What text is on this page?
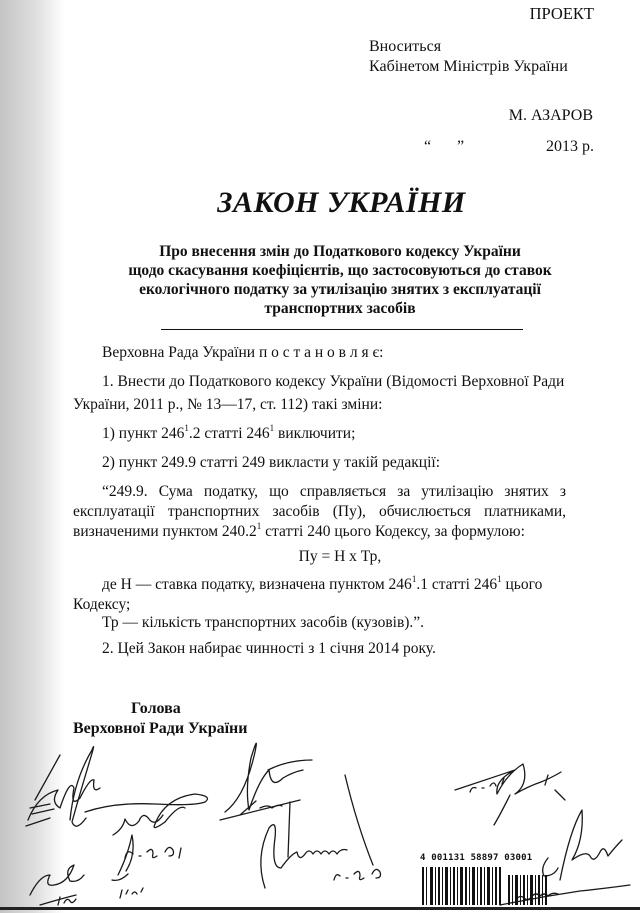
ПРОЕКТ
Вноситься
Кабінетом Міністрів України
М. АЗАРОВ
“ ”	2013 р.
ЗАКОН УКРАЇНИ
Про внесення змін до Податкового кодексу України
щодо скасування коефіцієнтів, що застосовуються до ставок
екологічного податку за утилізацію знятих з експлуатації
транспортних засобів
Верховна Рада України п о с т а н о в л я є:
1. Внести до Податкового кодексу України (Відомості Верховної Ради
України, 2011 р., № 13—17, ст. 112) такі зміни:
1) пункт $246^1.2$ статті $246^1$ виключити;
2) пункт 249.9 статті 249 викласти у такій редакції:
“249.9. Сума податку, що справляється за утилізацію знятих з
експлуатації транспортних засобів (Пу), обчислюється платниками,
визначеними пунктом 240.2$^1$ статті 240 цього Кодексу, за формулою:
Пу = Н х Тр,
де Н — ставка податку, визначена пунктом $246^1.1$ статті $246^1$ цього
Кодексу;
Тр — кількість транспортних засобів (кузовів).”.
2. Цей Закон набирає чинності з 1 січня 2014 року.
Голова
Верховної Ради України
4 001131 58897 03001
